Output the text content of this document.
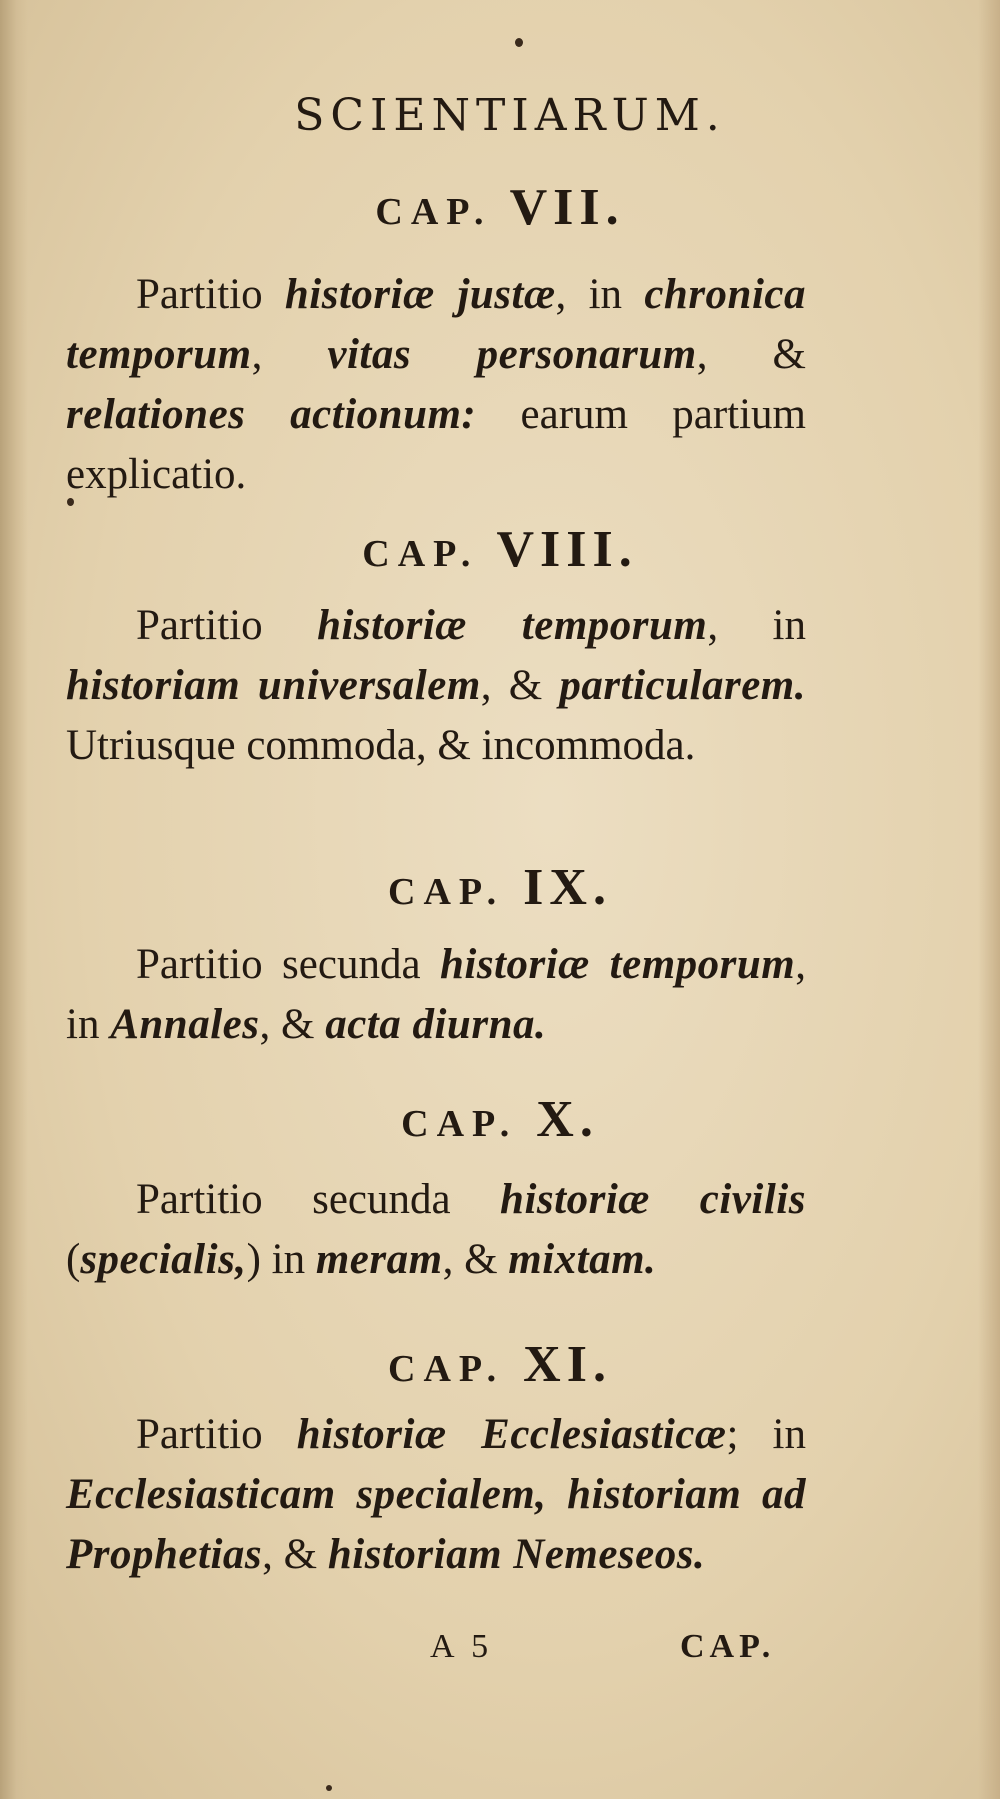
SCIENTIARUM.
CAP. VII.
Partitio historiæ justæ, in chronica temporum, vitas personarum, & relationes actionum: earum partium explicatio.
CAP. VIII.
Partitio historiæ temporum, in historiam universalem, & particularem. Utriusque commoda, & incommoda.
CAP. IX.
Partitio secunda historiæ temporum, in Annales, & acta diurna.
CAP. X.
Partitio secunda historiæ civilis (specialis,) in meram, & mixtam.
CAP. XI.
Partitio historiæ Ecclesiasticæ; in Ecclesiasticam specialem, historiam ad Prophetias, & historiam Nemeseos.
A 5	CAP.
